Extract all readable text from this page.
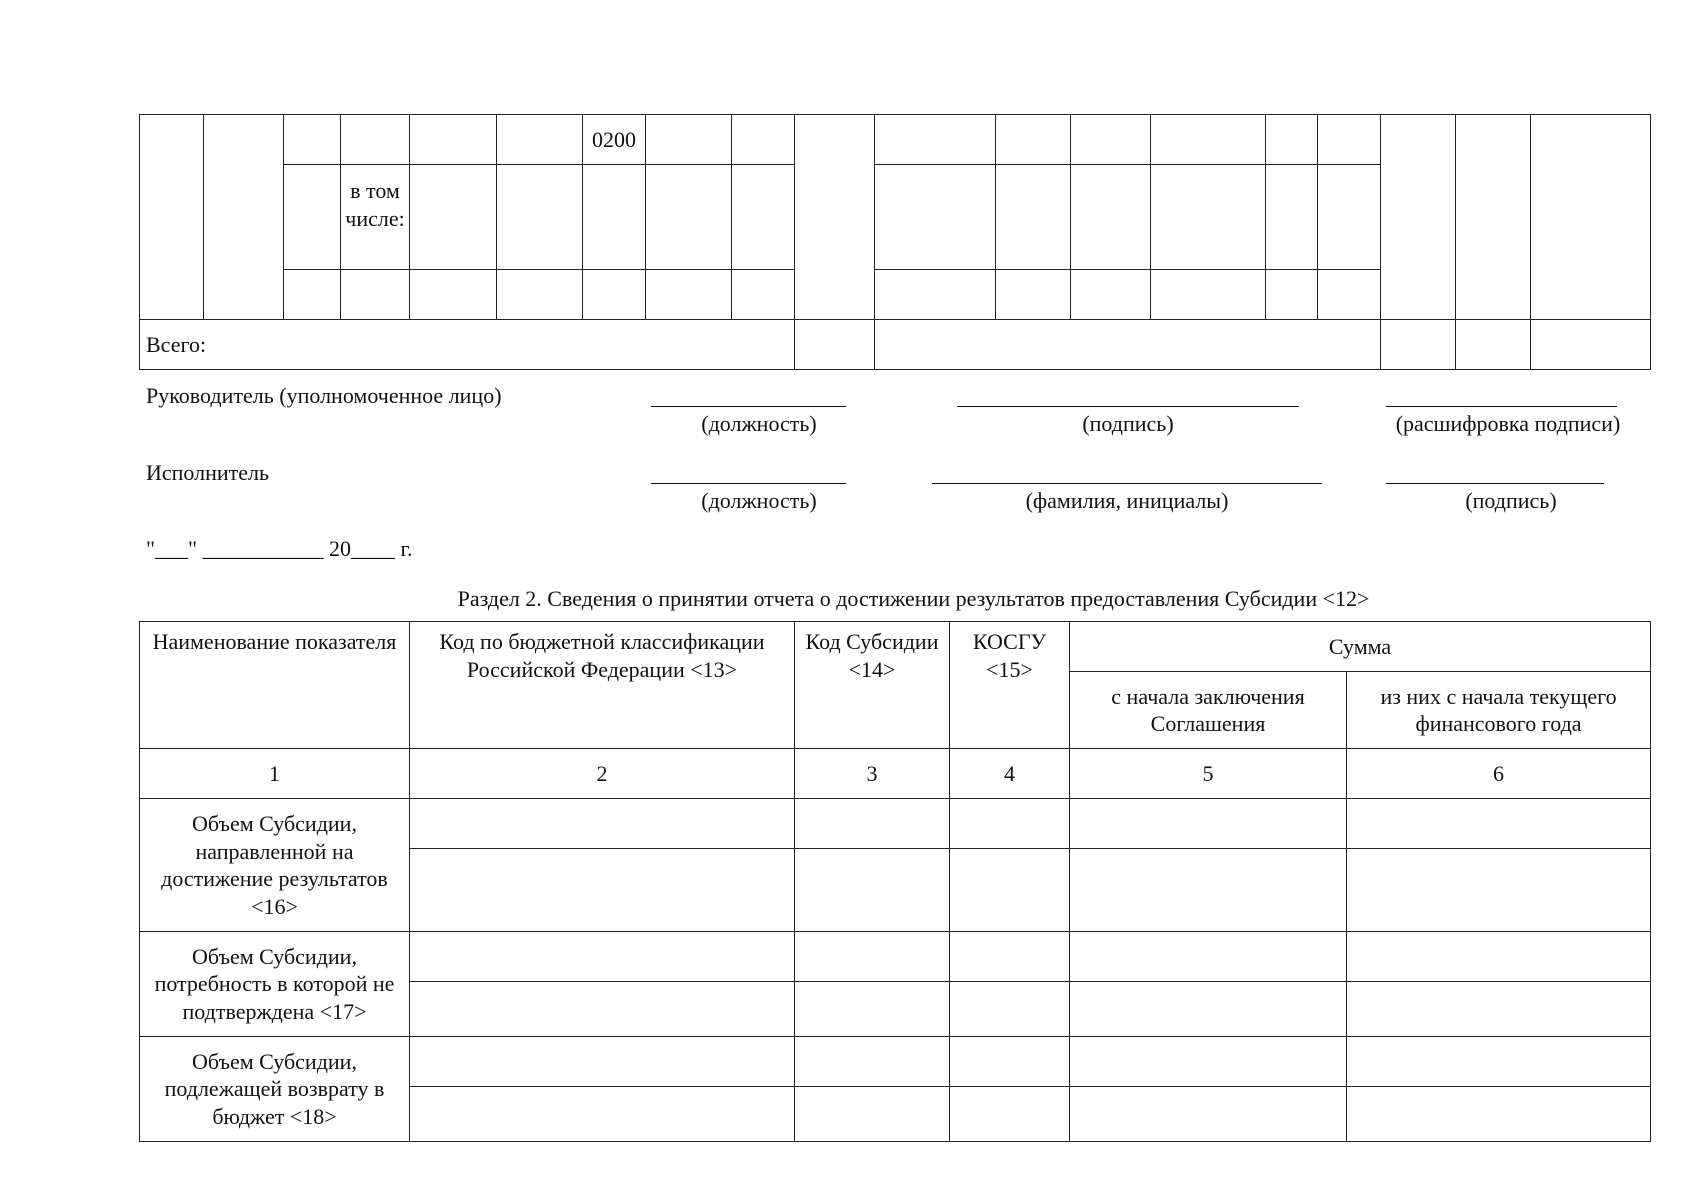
						0200												
			в том числе:															

Всего:																		
Руководитель (уполномоченное лицо)
(должность)	(подпись)	(расшифровка подписи)
Исполнитель
(должность)	(фамилия, инициалы)	(подпись)
"___" ___________ 20____ г.
Раздел 2. Сведения о принятии отчета о достижении результатов предоставления Субсидии <12>
Наименование показателя	Код по бюджетной классификации Российской Федерации <13>	Код Субсидии <14>	КОСГУ <15>	Сумма	
				с начала заключения Соглашения	из них с начала текущего финансового года
1	2	3	4	5	6
Объем Субсидии, направленной на достижение результатов <16>					

Объем Субсидии, потребность в которой не подтверждена <17>					

Объем Субсидии, подлежащей возврату в бюджет <18>					
